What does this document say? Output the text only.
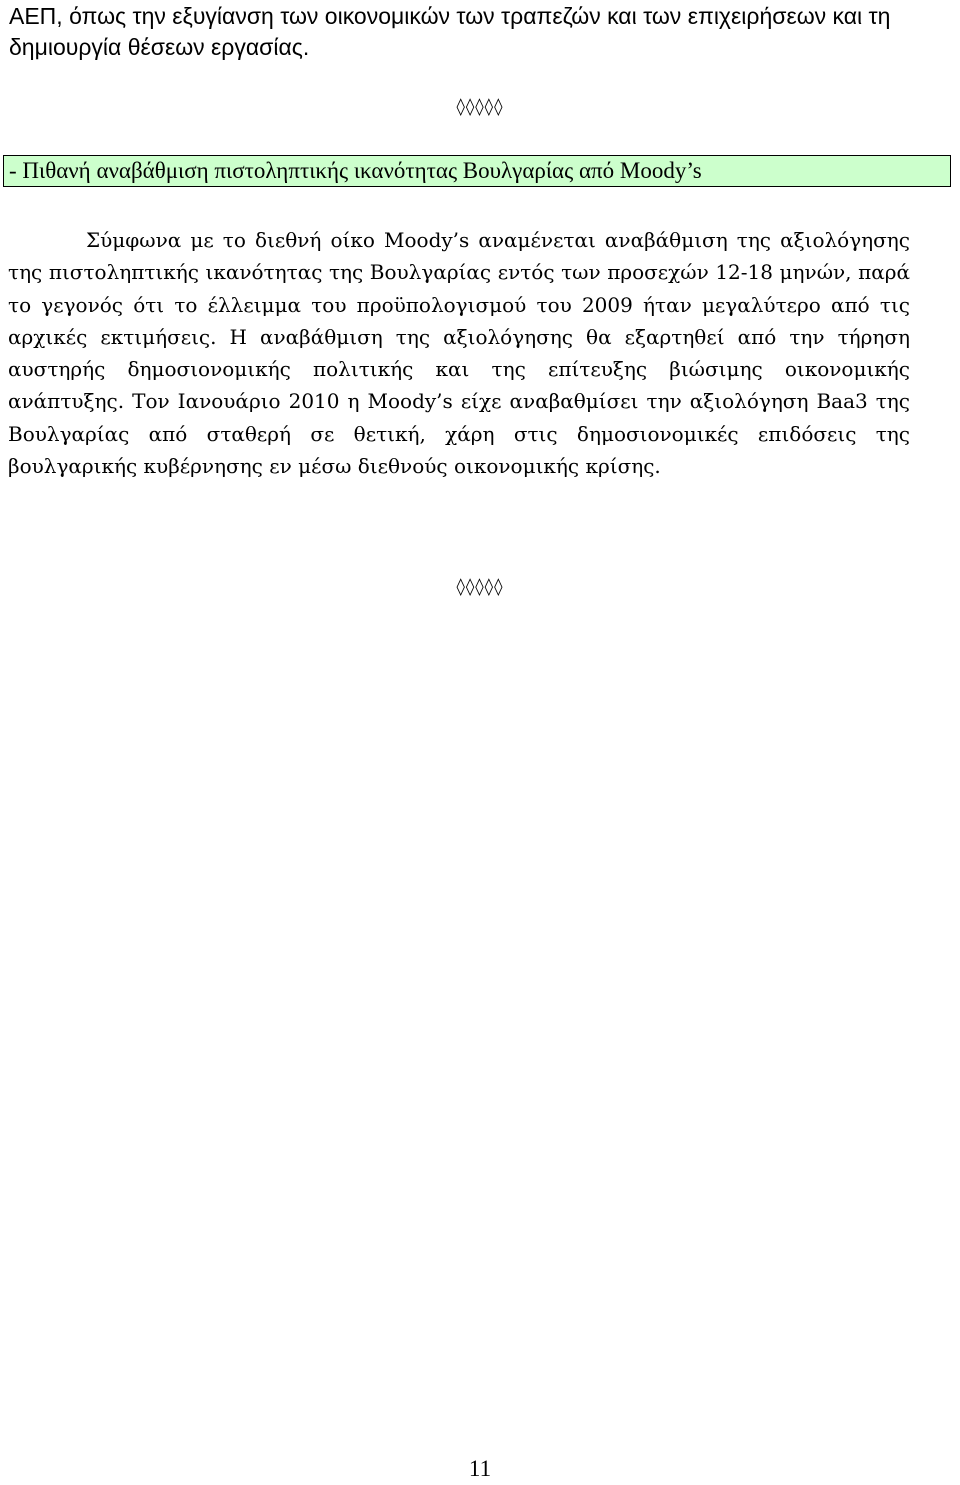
ΑΕΠ, όπως την εξυγίανση των οικονομικών των τραπεζών και των επιχειρήσεων και τη δημιουργία θέσεων εργασίας.

◊◊◊◊◊

- Πιθανή αναβάθμιση πιστοληπτικής ικανότητας Βουλγαρίας από Moody’s

Σύμφωνα με το διεθνή οίκο Moody’s αναμένεται αναβάθμιση της αξιολόγησης της πιστοληπτικής ικανότητας της Βουλγαρίας εντός των προσεχών 12-18 μηνών, παρά το γεγονός ότι το έλλειμμα του προϋπολογισμού του 2009 ήταν μεγαλύτερο από τις αρχικές εκτιμήσεις. Η αναβάθμιση της αξιολόγησης θα εξαρτηθεί από την τήρηση αυστηρής δημοσιονομικής πολιτικής και της επίτευξης βιώσιμης οικονομικής ανάπτυξης. Τον Ιανουάριο 2010 η Moody’s είχε αναβαθμίσει την αξιολόγηση Baa3 της Βουλγαρίας από σταθερή σε θετική, χάρη στις δημοσιονομικές επιδόσεις της βουλγαρικής κυβέρνησης εν μέσω διεθνούς οικονομικής κρίσης.

◊◊◊◊◊

11
